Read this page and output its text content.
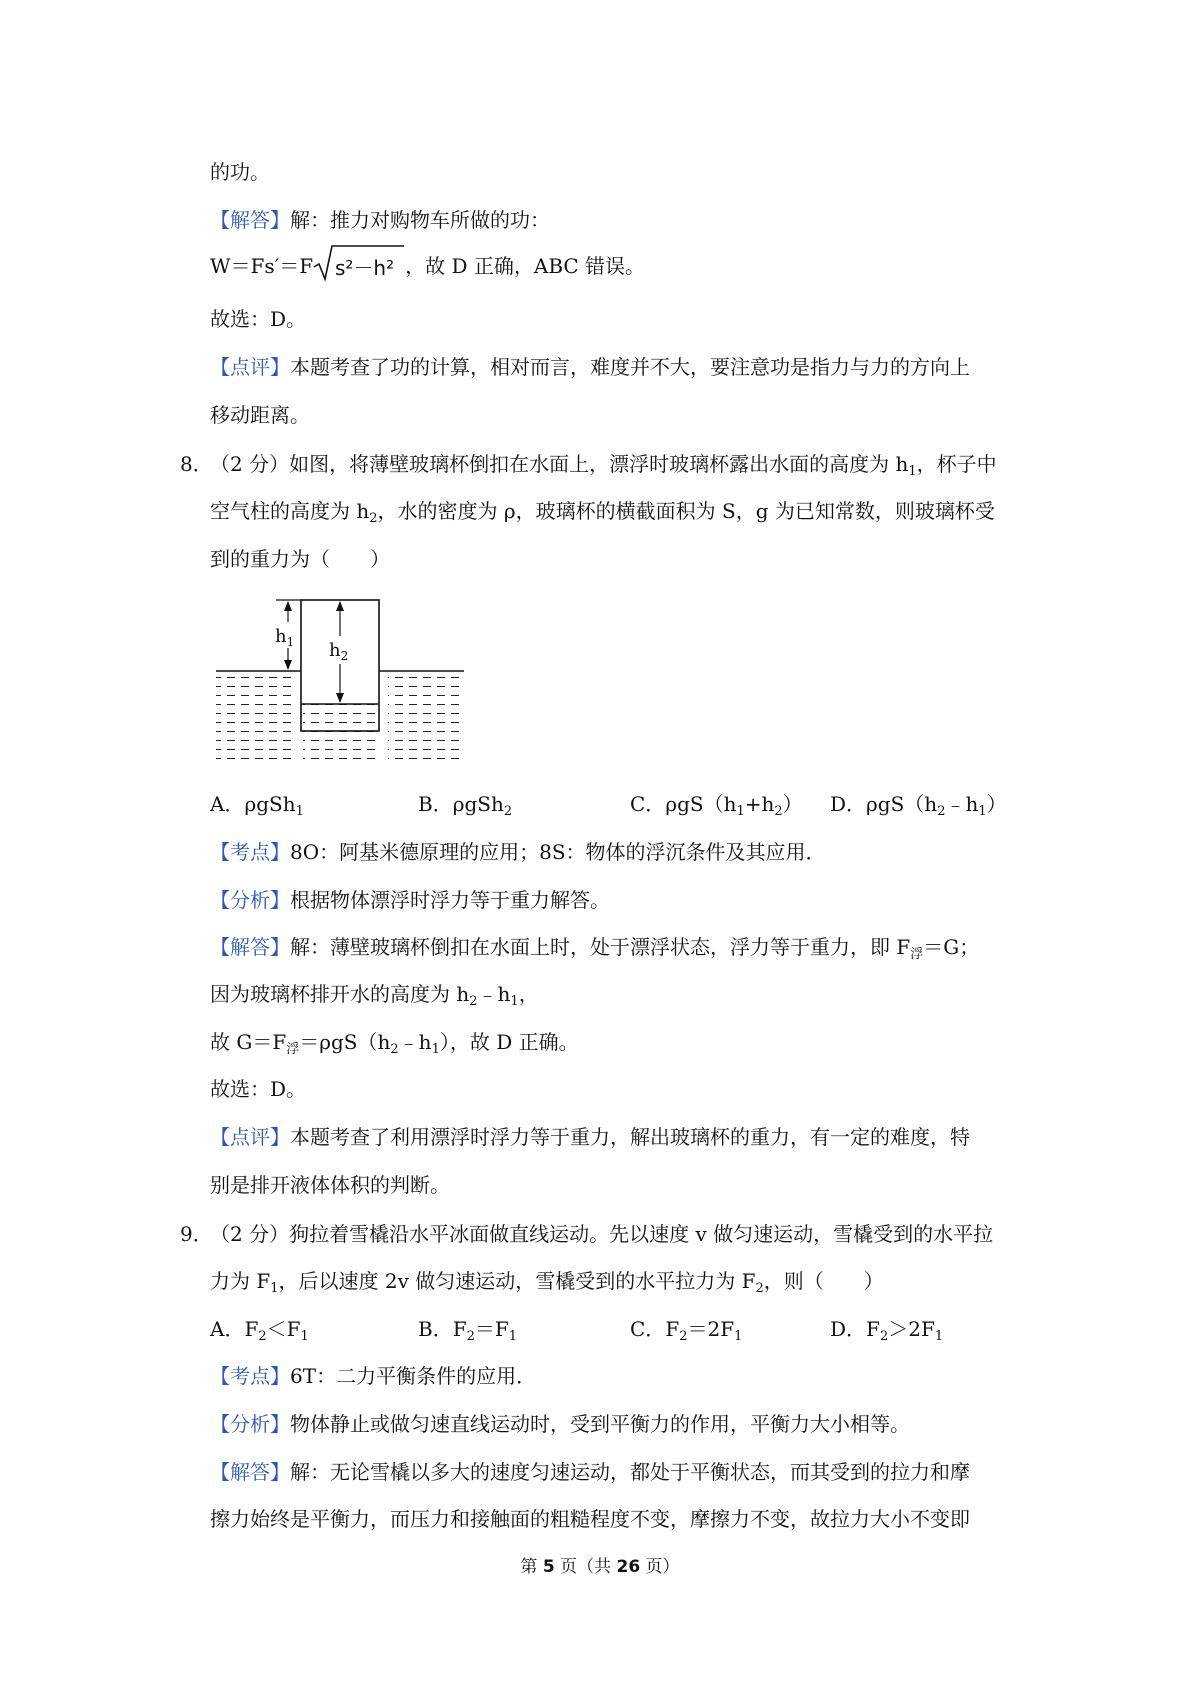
的功。
【解答】解：推力对购物车所做的功：
W＝Fs′＝F s²－h² ，故 D 正确，ABC 错误。
故选：D。
【点评】本题考查了功的计算，相对而言，难度并不大，要注意功是指力与力的方向上
移动距离。
8．
（2 分）如图，将薄壁玻璃杯倒扣在水面上，漂浮时玻璃杯露出水面的高度为 $h_1$，杯子中
空气柱的高度为 $h_2$，水的密度为 ρ，玻璃杯的横截面积为 S，g 为已知常数，则玻璃杯受
到的重力为（　　）
$h_1$ $h_2$
A．ρgSh$_1$	B．ρgSh$_2$	C．$\rho gS(h_1+h_2)$ D．$\rho gS(h_2﹣h_1)$
【考点】8O：阿基米德原理的应用；8S：物体的浮沉条件及其应用．
【分析】根据物体漂浮时浮力等于重力解答。
【解答】解：薄壁玻璃杯倒扣在水面上时，处于漂浮状态，浮力等于重力，即 $F_浮=G$；
因为玻璃杯排开水的高度为 $h_2﹣h_1$，
故 $G=F_浮=\rho gS(h_2﹣h_1)$，故 D 正确。
故选：D。
【点评】本题考查了利用漂浮时浮力等于重力，解出玻璃杯的重力，有一定的难度，特
别是排开液体体积的判断。
9．
（2 分）狗拉着雪橇沿水平冰面做直线运动。先以速度 v 做匀速运动，雪橇受到的水平拉
力为 $F_1$，后以速度 2v 做匀速运动，雪橇受到的水平拉力为 $F_2$，则（　　）
A．$F_2<F_1$	B．$F_2=F_1$	C．$F_2=2F_1$	D．$F_2>2F_1$
【考点】6T：二力平衡条件的应用．
【分析】物体静止或做匀速直线运动时，受到平衡力的作用，平衡力大小相等。
【解答】解：无论雪橇以多大的速度匀速运动，都处于平衡状态，而其受到的拉力和摩
擦力始终是平衡力，而压力和接触面的粗糙程度不变，摩擦力不变，故拉力大小不变即
第 5 页（共 26 页）
